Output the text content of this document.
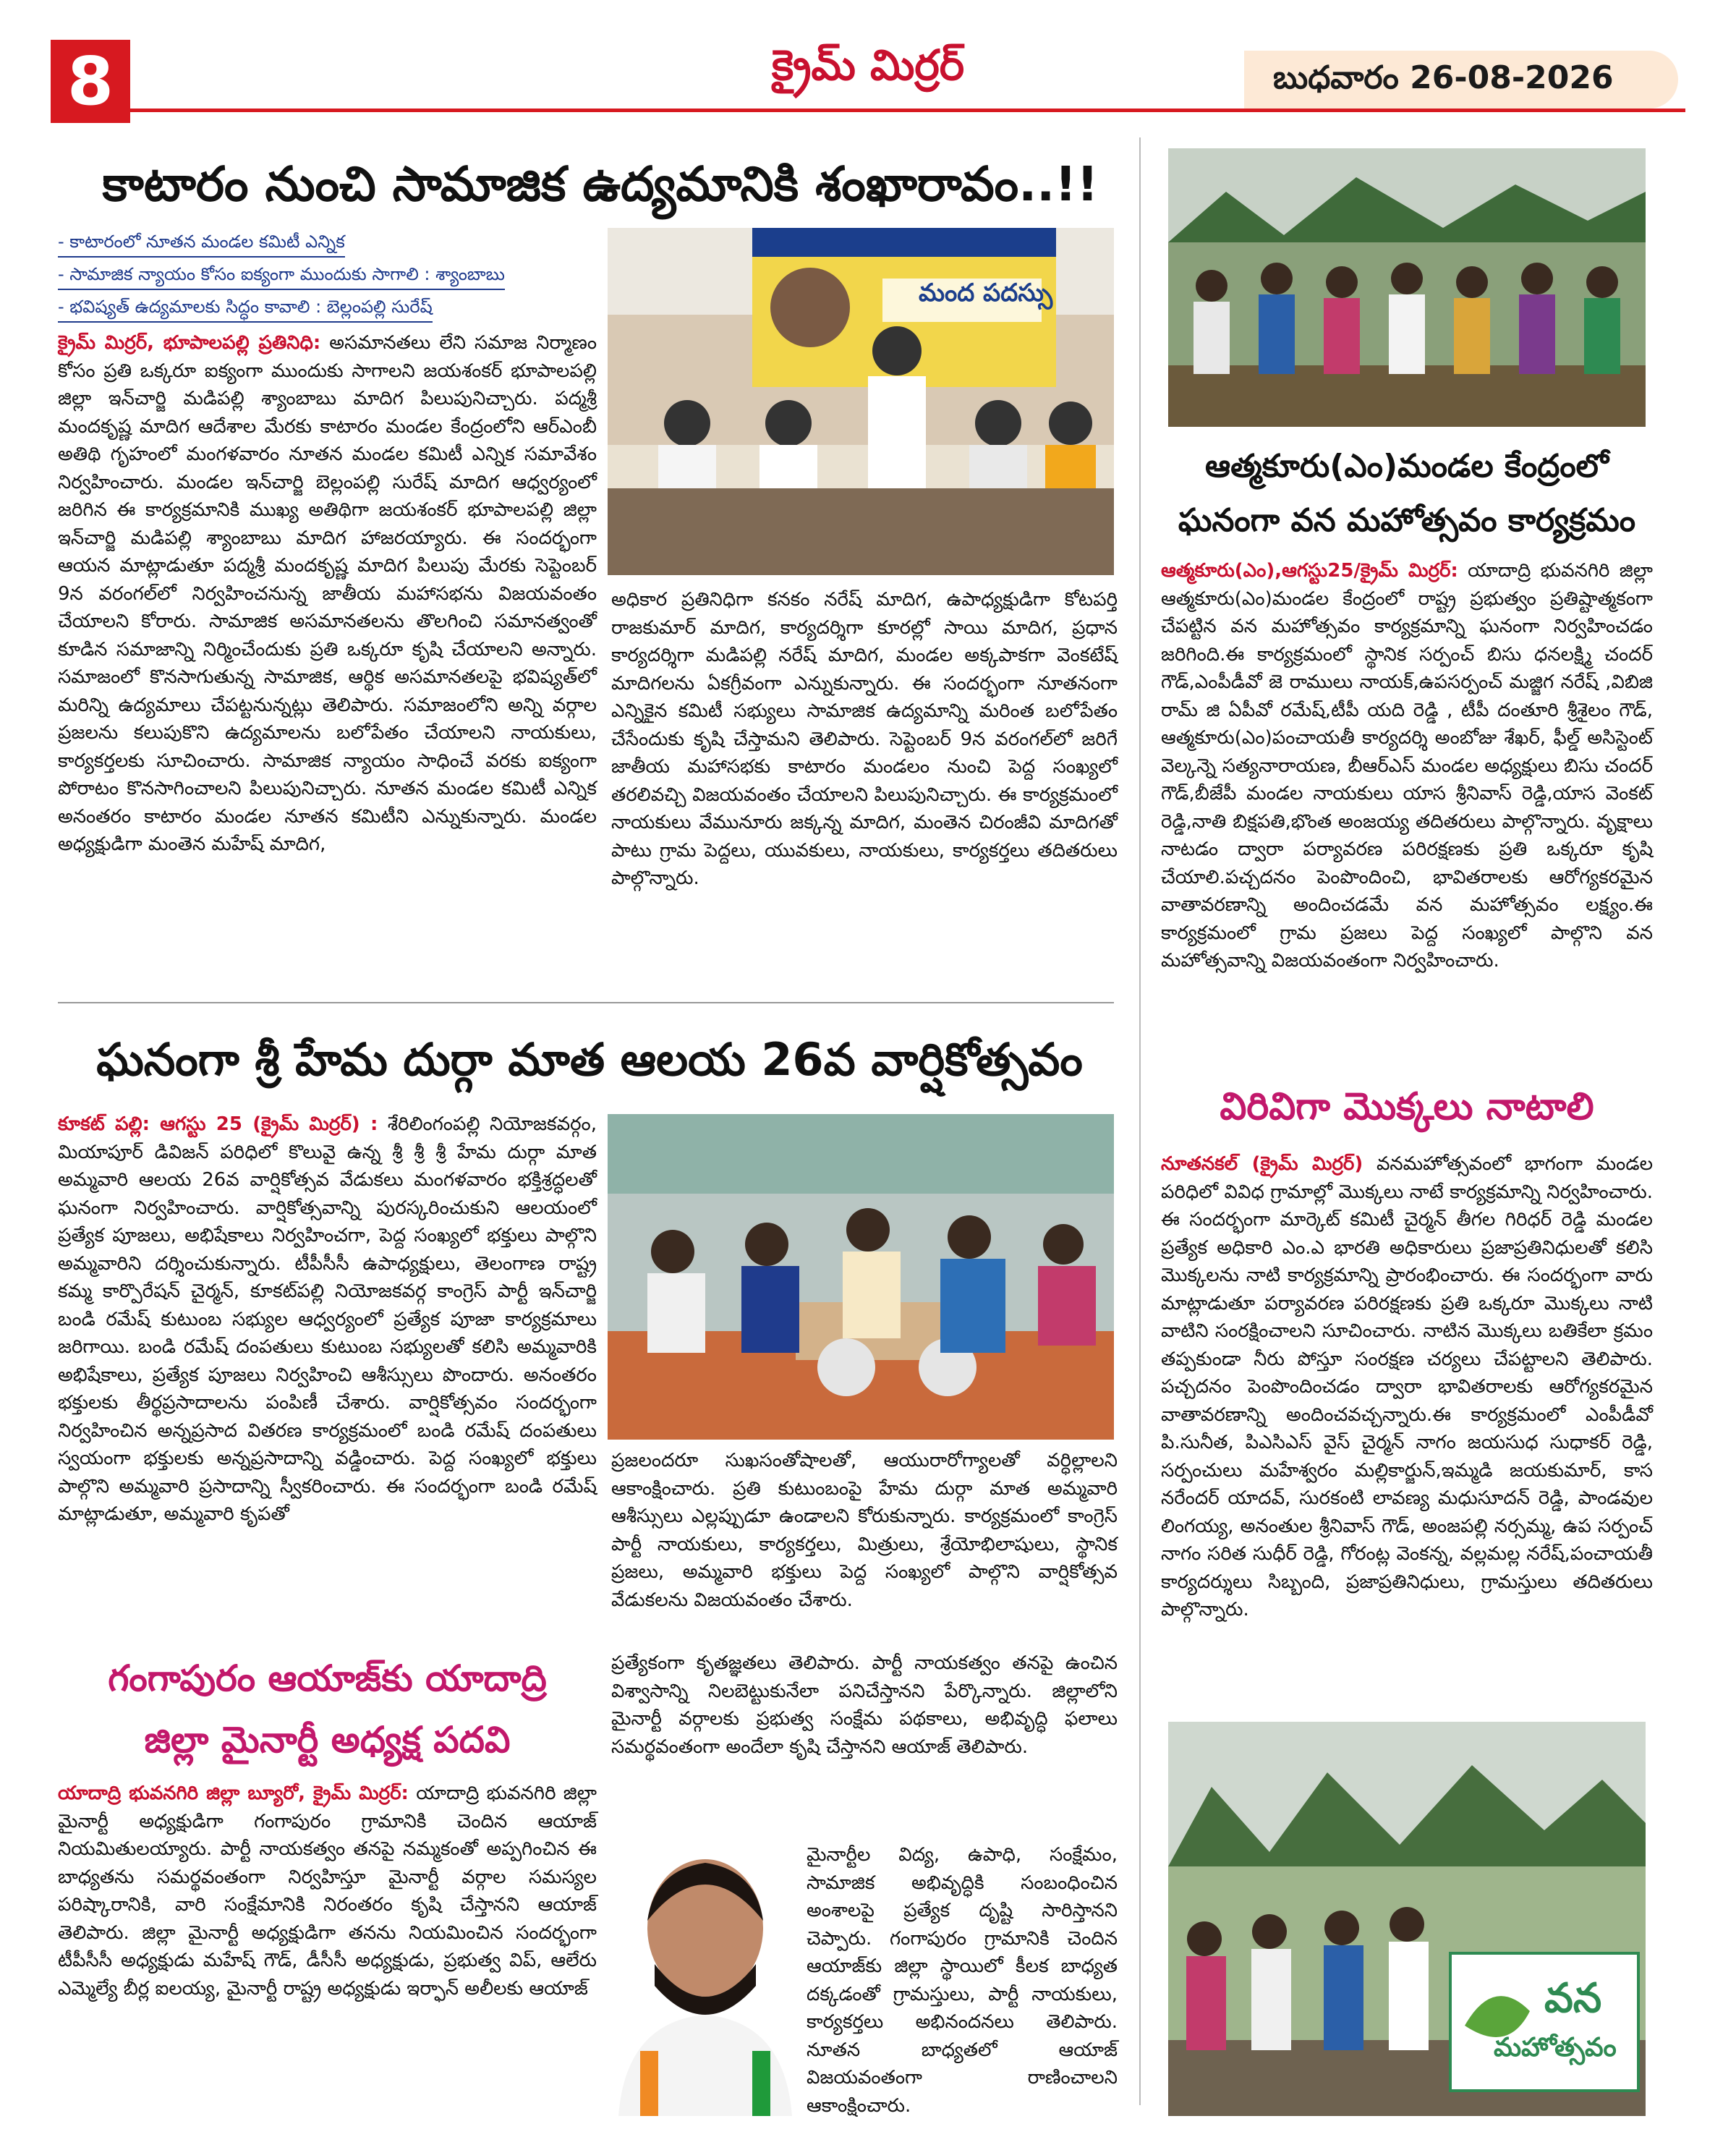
8	క్రైమ్ మిర్రర్	బుధవారం 26-08-2026
కాటారం నుంచి సామాజిక ఉద్యమానికి శంఖారావం..!!
- కాటారంలో నూతన మండల కమిటీ ఎన్నిక
- సామాజిక న్యాయం కోసం ఐక్యంగా ముందుకు సాగాలి : శ్యాంబాబు
- భవిష్యత్ ఉద్యమాలకు సిద్ధం కావాలి : బెల్లంపల్లి సురేష్	మంద పదస్సు
క్రైమ్ మిర్రర్, భూపాలపల్లి ప్రతినిధి: అసమానతలు లేని సమాజ నిర్మాణం కోసం ప్రతి ఒక్కరూ ఐక్యంగా ముందుకు సాగాలని జయశంకర్ భూపాలపల్లి జిల్లా ఇన్‌చార్జి మడిపల్లి శ్యాంబాబు మాదిగ పిలుపునిచ్చారు. పద్మశ్రీ మందకృష్ణ మాదిగ ఆదేశాల మేరకు కాటారం మండల కేంద్రంలోని ఆర్‌ఎంబీ అతిథి గృహంలో మంగళవారం నూతన మండల కమిటీ ఎన్నిక సమావేశం నిర్వహించారు. మండల ఇన్‌చార్జి బెల్లంపల్లి సురేష్ మాదిగ ఆధ్వర్యంలో జరిగిన ఈ కార్యక్రమానికి ముఖ్య అతిథిగా జయశంకర్ భూపాలపల్లి జిల్లా ఇన్‌చార్జి మడిపల్లి శ్యాంబాబు మాదిగ హాజరయ్యారు. ఈ సందర్భంగా ఆయన మాట్లాడుతూ పద్మశ్రీ మందకృష్ణ మాదిగ పిలుపు మేరకు సెప్టెంబర్ 9న వరంగల్‌లో నిర్వహించనున్న జాతీయ మహాసభను విజయవంతం చేయాలని కోరారు. సామాజిక అసమానతలను తొలగించి సమానత్వంతో కూడిన సమాజాన్ని నిర్మించేందుకు ప్రతి ఒక్కరూ కృషి చేయాలని అన్నారు. సమాజంలో కొనసాగుతున్న సామాజిక, ఆర్థిక అసమానతలపై భవిష్యత్‌లో మరిన్ని ఉద్యమాలు చేపట్టనున్నట్లు తెలిపారు. సమాజంలోని అన్ని వర్గాల ప్రజలను కలుపుకొని ఉద్యమాలను బలోపేతం చేయాలని నాయకులు, కార్యకర్తలకు సూచించారు. సామాజిక న్యాయం సాధించే వరకు ఐక్యంగా పోరాటం కొనసాగించాలని పిలుపునిచ్చారు. నూతన మండల కమిటీ ఎన్నిక అనంతరం కాటారం మండల నూతన కమిటీని ఎన్నుకున్నారు. మండల అధ్యక్షుడిగా మంతెన మహేష్ మాదిగ,
అధికార ప్రతినిధిగా కనకం నరేష్ మాదిగ, ఉపాధ్యక్షుడిగా కోటపర్తి రాజకుమార్ మాదిగ, కార్యదర్శిగా కూరల్లో సాయి మాదిగ, ప్రధాన కార్యదర్శిగా మడిపల్లి నరేష్ మాదిగ, మండల అక్కపాకగా వెంకటేష్ మాదిగలను ఏకగ్రీవంగా ఎన్నుకున్నారు. ఈ సందర్భంగా నూతనంగా ఎన్నికైన కమిటీ సభ్యులు సామాజిక ఉద్యమాన్ని మరింత బలోపేతం చేసేందుకు కృషి చేస్తామని తెలిపారు. సెప్టెంబర్ 9న వరంగల్‌లో జరిగే జాతీయ మహాసభకు కాటారం మండలం నుంచి పెద్ద సంఖ్యలో తరలివచ్చి విజయవంతం చేయాలని పిలుపునిచ్చారు. ఈ కార్యక్రమంలో నాయకులు వేమునూరు జక్కన్న మాదిగ, మంతెన చిరంజీవి మాదిగతో పాటు గ్రామ పెద్దలు, యువకులు, నాయకులు, కార్యకర్తలు తదితరులు పాల్గొన్నారు.
ఘనంగా శ్రీ హేమ దుర్గా మాత ఆలయ 26వ వార్షికోత్సవం
కూకట్ పల్లి: ఆగస్టు 25 (క్రైమ్ మిర్రర్) : శేరిలింగంపల్లి నియోజకవర్గం, మియాపూర్ డివిజన్ పరిధిలో కొలువై ఉన్న శ్రీ శ్రీ శ్రీ హేమ దుర్గా మాత అమ్మవారి ఆలయ 26వ వార్షికోత్సవ వేడుకలు మంగళవారం భక్తిశ్రద్ధలతో ఘనంగా నిర్వహించారు. వార్షికోత్సవాన్ని పురస్కరించుకుని ఆలయంలో ప్రత్యేక పూజలు, అభిషేకాలు నిర్వహించగా, పెద్ద సంఖ్యలో భక్తులు పాల్గొని అమ్మవారిని దర్శించుకున్నారు. టీపీసీసీ ఉపాధ్యక్షులు, తెలంగాణ రాష్ట్ర కమ్మ కార్పొరేషన్ చైర్మన్, కూకట్‌పల్లి నియోజకవర్గ కాంగ్రెస్ పార్టీ ఇన్‌చార్జి బండి రమేష్ కుటుంబ సభ్యుల ఆధ్వర్యంలో ప్రత్యేక పూజా కార్యక్రమాలు జరిగాయి. బండి రమేష్ దంపతులు కుటుంబ సభ్యులతో కలిసి అమ్మవారికి అభిషేకాలు, ప్రత్యేక పూజలు నిర్వహించి ఆశీస్సులు పొందారు. అనంతరం భక్తులకు తీర్థప్రసాదాలను పంపిణీ చేశారు. వార్షికోత్సవం సందర్భంగా నిర్వహించిన అన్నప్రసాద వితరణ కార్యక్రమంలో బండి రమేష్ దంపతులు స్వయంగా భక్తులకు అన్నప్రసాదాన్ని వడ్డించారు. పెద్ద సంఖ్యలో భక్తులు పాల్గొని అమ్మవారి ప్రసాదాన్ని స్వీకరించారు. ఈ సందర్భంగా బండి రమేష్ మాట్లాడుతూ, అమ్మవారి కృపతో
ప్రజలందరూ సుఖసంతోషాలతో, ఆయురారోగ్యాలతో వర్ధిల్లాలని ఆకాంక్షించారు. ప్రతి కుటుంబంపై హేమ దుర్గా మాత అమ్మవారి ఆశీస్సులు ఎల్లప్పుడూ ఉండాలని కోరుకున్నారు. కార్యక్రమంలో కాంగ్రెస్ పార్టీ నాయకులు, కార్యకర్తలు, మిత్రులు, శ్రేయోభిలాషులు, స్థానిక ప్రజలు, అమ్మవారి భక్తులు పెద్ద సంఖ్యలో పాల్గొని వార్షికోత్సవ వేడుకలను విజయవంతం చేశారు.
గంగాపురం ఆయాజ్‌కు యాదాద్రి
జిల్లా మైనార్టీ అధ్యక్ష పదవి
యాదాద్రి భువనగిరి జిల్లా బ్యూరో, క్రైమ్ మిర్రర్: యాదాద్రి భువనగిరి జిల్లా మైనార్టీ అధ్యక్షుడిగా గంగాపురం గ్రామానికి చెందిన ఆయాజ్ నియమితులయ్యారు. పార్టీ నాయకత్వం తనపై నమ్మకంతో అప్పగించిన ఈ బాధ్యతను సమర్థవంతంగా నిర్వహిస్తూ మైనార్టీ వర్గాల సమస్యల పరిష్కారానికి, వారి సంక్షేమానికి నిరంతరం కృషి చేస్తానని ఆయాజ్ తెలిపారు. జిల్లా మైనార్టీ అధ్యక్షుడిగా తనను నియమించిన సందర్భంగా టీపీసీసీ అధ్యక్షుడు మహేష్ గౌడ్, డీసీసీ అధ్యక్షుడు, ప్రభుత్వ విప్, ఆలేరు ఎమ్మెల్యే బీర్ల ఐలయ్య, మైనార్టీ రాష్ట్ర అధ్యక్షుడు ఇర్ఫాన్ అలీలకు ఆయాజ్
ప్రత్యేకంగా కృతజ్ఞతలు తెలిపారు. పార్టీ నాయకత్వం తనపై ఉంచిన విశ్వాసాన్ని నిలబెట్టుకునేలా పనిచేస్తానని పేర్కొన్నారు. జిల్లాలోని మైనార్టీ వర్గాలకు ప్రభుత్వ సంక్షేమ పథకాలు, అభివృద్ధి ఫలాలు సమర్థవంతంగా అందేలా కృషి చేస్తానని ఆయాజ్ తెలిపారు.
మైనార్టీల విద్య, ఉపాధి, సంక్షేమం, సామాజిక అభివృద్ధికి సంబంధించిన అంశాలపై ప్రత్యేక దృష్టి సారిస్తానని చెప్పారు. గంగాపురం గ్రామానికి చెందిన ఆయాజ్‌కు జిల్లా స్థాయిలో కీలక బాధ్యత దక్కడంతో గ్రామస్తులు, పార్టీ నాయకులు, కార్యకర్తలు అభినందనలు తెలిపారు. నూతన బాధ్యతలో ఆయాజ్ విజయవంతంగా రాణించాలని ఆకాంక్షించారు.
ఆత్మకూరు(ఎం)మండల కేంద్రంలో
ఘనంగా వన మహోత్సవం కార్యక్రమం
ఆత్మకూరు(ఎం),ఆగస్టు25/క్రైమ్ మిర్రర్: యాదాద్రి భువనగిరి జిల్లా ఆత్మకూరు(ఎం)మండల కేంద్రంలో రాష్ట్ర ప్రభుత్వం ప్రతిష్టాత్మకంగా చేపట్టిన వన మహోత్సవం కార్యక్రమాన్ని ఘనంగా నిర్వహించడం జరిగింది.ఈ కార్యక్రమంలో స్థానిక సర్పంచ్ బిసు ధనలక్ష్మి చందర్ గౌడ్,ఎంపీడీవో జె రాములు నాయక్,ఉపసర్పంచ్ మజ్జిగ నరేష్ ,విబిజి రామ్ జి ఏపీవో రమేష్,టీపీ యది రెడ్డి , టీపీ దంతూరి శ్రీశైలం గౌడ్, ఆత్మకూరు(ఎం)పంచాయతీ కార్యదర్శి అంబోజు శేఖర్, ఫీల్డ్ అసిస్టెంట్ వెల్కన్నె సత్యనారాయణ, బీఆర్ఎస్ మండల అధ్యక్షులు బిసు చందర్ గౌడ్,బీజేపీ మండల నాయకులు యాస శ్రీనివాస్ రెడ్డి,యాస వెంకట్ రెడ్డి,నాతి బిక్షపతి,భొంత అంజయ్య తదితరులు పాల్గొన్నారు. వృక్షాలు నాటడం ద్వారా పర్యావరణ పరిరక్షణకు ప్రతి ఒక్కరూ కృషి చేయాలి.పచ్చదనం పెంపొందించి, భావితరాలకు ఆరోగ్యకరమైన వాతావరణాన్ని అందించడమే వన మహోత్సవం లక్ష్యం.ఈ కార్యక్రమంలో గ్రామ ప్రజలు పెద్ద సంఖ్యలో పాల్గొని వన మహోత్సవాన్ని విజయవంతంగా నిర్వహించారు.
విరివిగా మొక్కలు నాటాలి
నూతనకల్ (క్రైమ్ మిర్రర్) వనమహోత్సవంలో భాగంగా మండల పరిధిలో వివిధ గ్రామాల్లో మొక్కలు నాటే కార్యక్రమాన్ని నిర్వహించారు. ఈ సందర్భంగా మార్కెట్ కమిటీ చైర్మన్ తీగల గిరిధర్ రెడ్డి మండల ప్రత్యేక అధికారి ఎం.ఎ భారతి అధికారులు ప్రజాప్రతినిధులతో కలిసి మొక్కలను నాటి కార్యక్రమాన్ని ప్రారంభించారు. ఈ సందర్భంగా వారు మాట్లాడుతూ పర్యావరణ పరిరక్షణకు ప్రతి ఒక్కరూ మొక్కలు నాటి వాటిని సంరక్షించాలని సూచించారు. నాటిన మొక్కలు బతికేలా క్రమం తప్పకుండా నీరు పోస్తూ సంరక్షణ చర్యలు చేపట్టాలని తెలిపారు. పచ్చదనం పెంపొందించడం ద్వారా భావితరాలకు ఆరోగ్యకరమైన వాతావరణాన్ని అందించవచ్చన్నారు.ఈ కార్యక్రమంలో ఎంపీడీవో పి.సునీత, పిఎసిఎస్ వైస్ చైర్మన్ నాగం జయసుధ సుధాకర్ రెడ్డి, సర్పంచులు మహేశ్వరం మల్లికార్జున్,ఇమ్మడి జయకుమార్, కాస నరేందర్ యాదవ్, సురకంటి లావణ్య మధుసూదన్ రెడ్డి, పాండవుల లింగయ్య, అనంతుల శ్రీనివాస్ గౌడ్, అంజపల్లి నర్సమ్మ, ఉప సర్పంచ్ నాగం సరిత సుధీర్ రెడ్డి, గోరంట్ల వెంకన్న, వల్లమల్ల నరేష్,పంచాయతీ కార్యదర్శులు సిబ్బంది, ప్రజాప్రతినిధులు, గ్రామస్తులు తదితరులు పాల్గొన్నారు.
వన
మహోత్సవం
